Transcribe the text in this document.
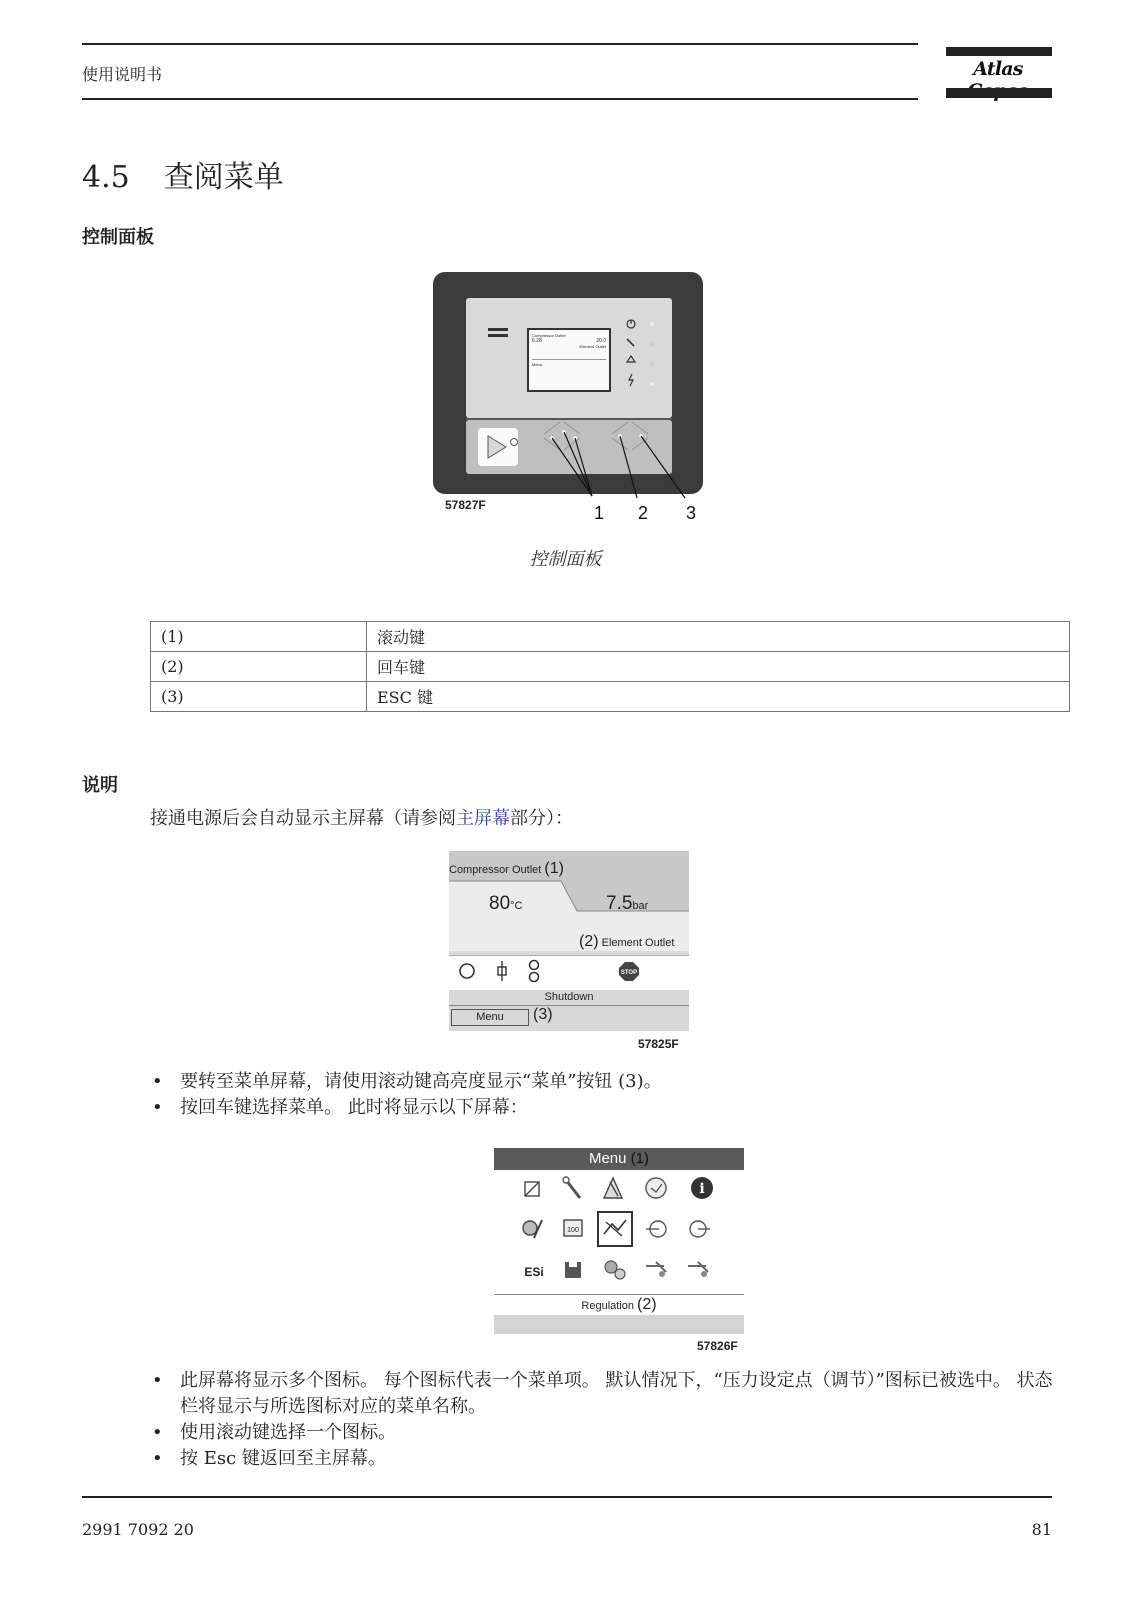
使用说明书	Atlas
4.5 查阅菜单
控制面板
Compressor Outlet
6.28	20.0
Element Outlet
Menu
57827F	1 2 3
控制面板
(1)	滚动键
(2)	回车键
(3)	ESC 键
说明
接通电源后会自动显示主屏幕（请参阅主屏幕部分）：
Compressor Outlet (1)
80°C	7.5bar
(2) Element Outlet
STOP
Shutdown
Menu	(3)
57825F
• 要转至菜单屏幕，请使用滚动键高亮度显示“菜单”按钮 (3)。
• 按回车键选择菜单。 此时将显示以下屏幕：
Menu (1)
i
100
ESi
Regulation (2)
57826F
• 此屏幕将显示多个图标。 每个图标代表一个菜单项。 默认情况下，“压力设定点（调节）”图标已被选中。 状态栏将显示与所选图标对应的菜单名称。
• 使用滚动键选择一个图标。
• 按 Esc 键返回至主屏幕。
2991 7092 20	81
